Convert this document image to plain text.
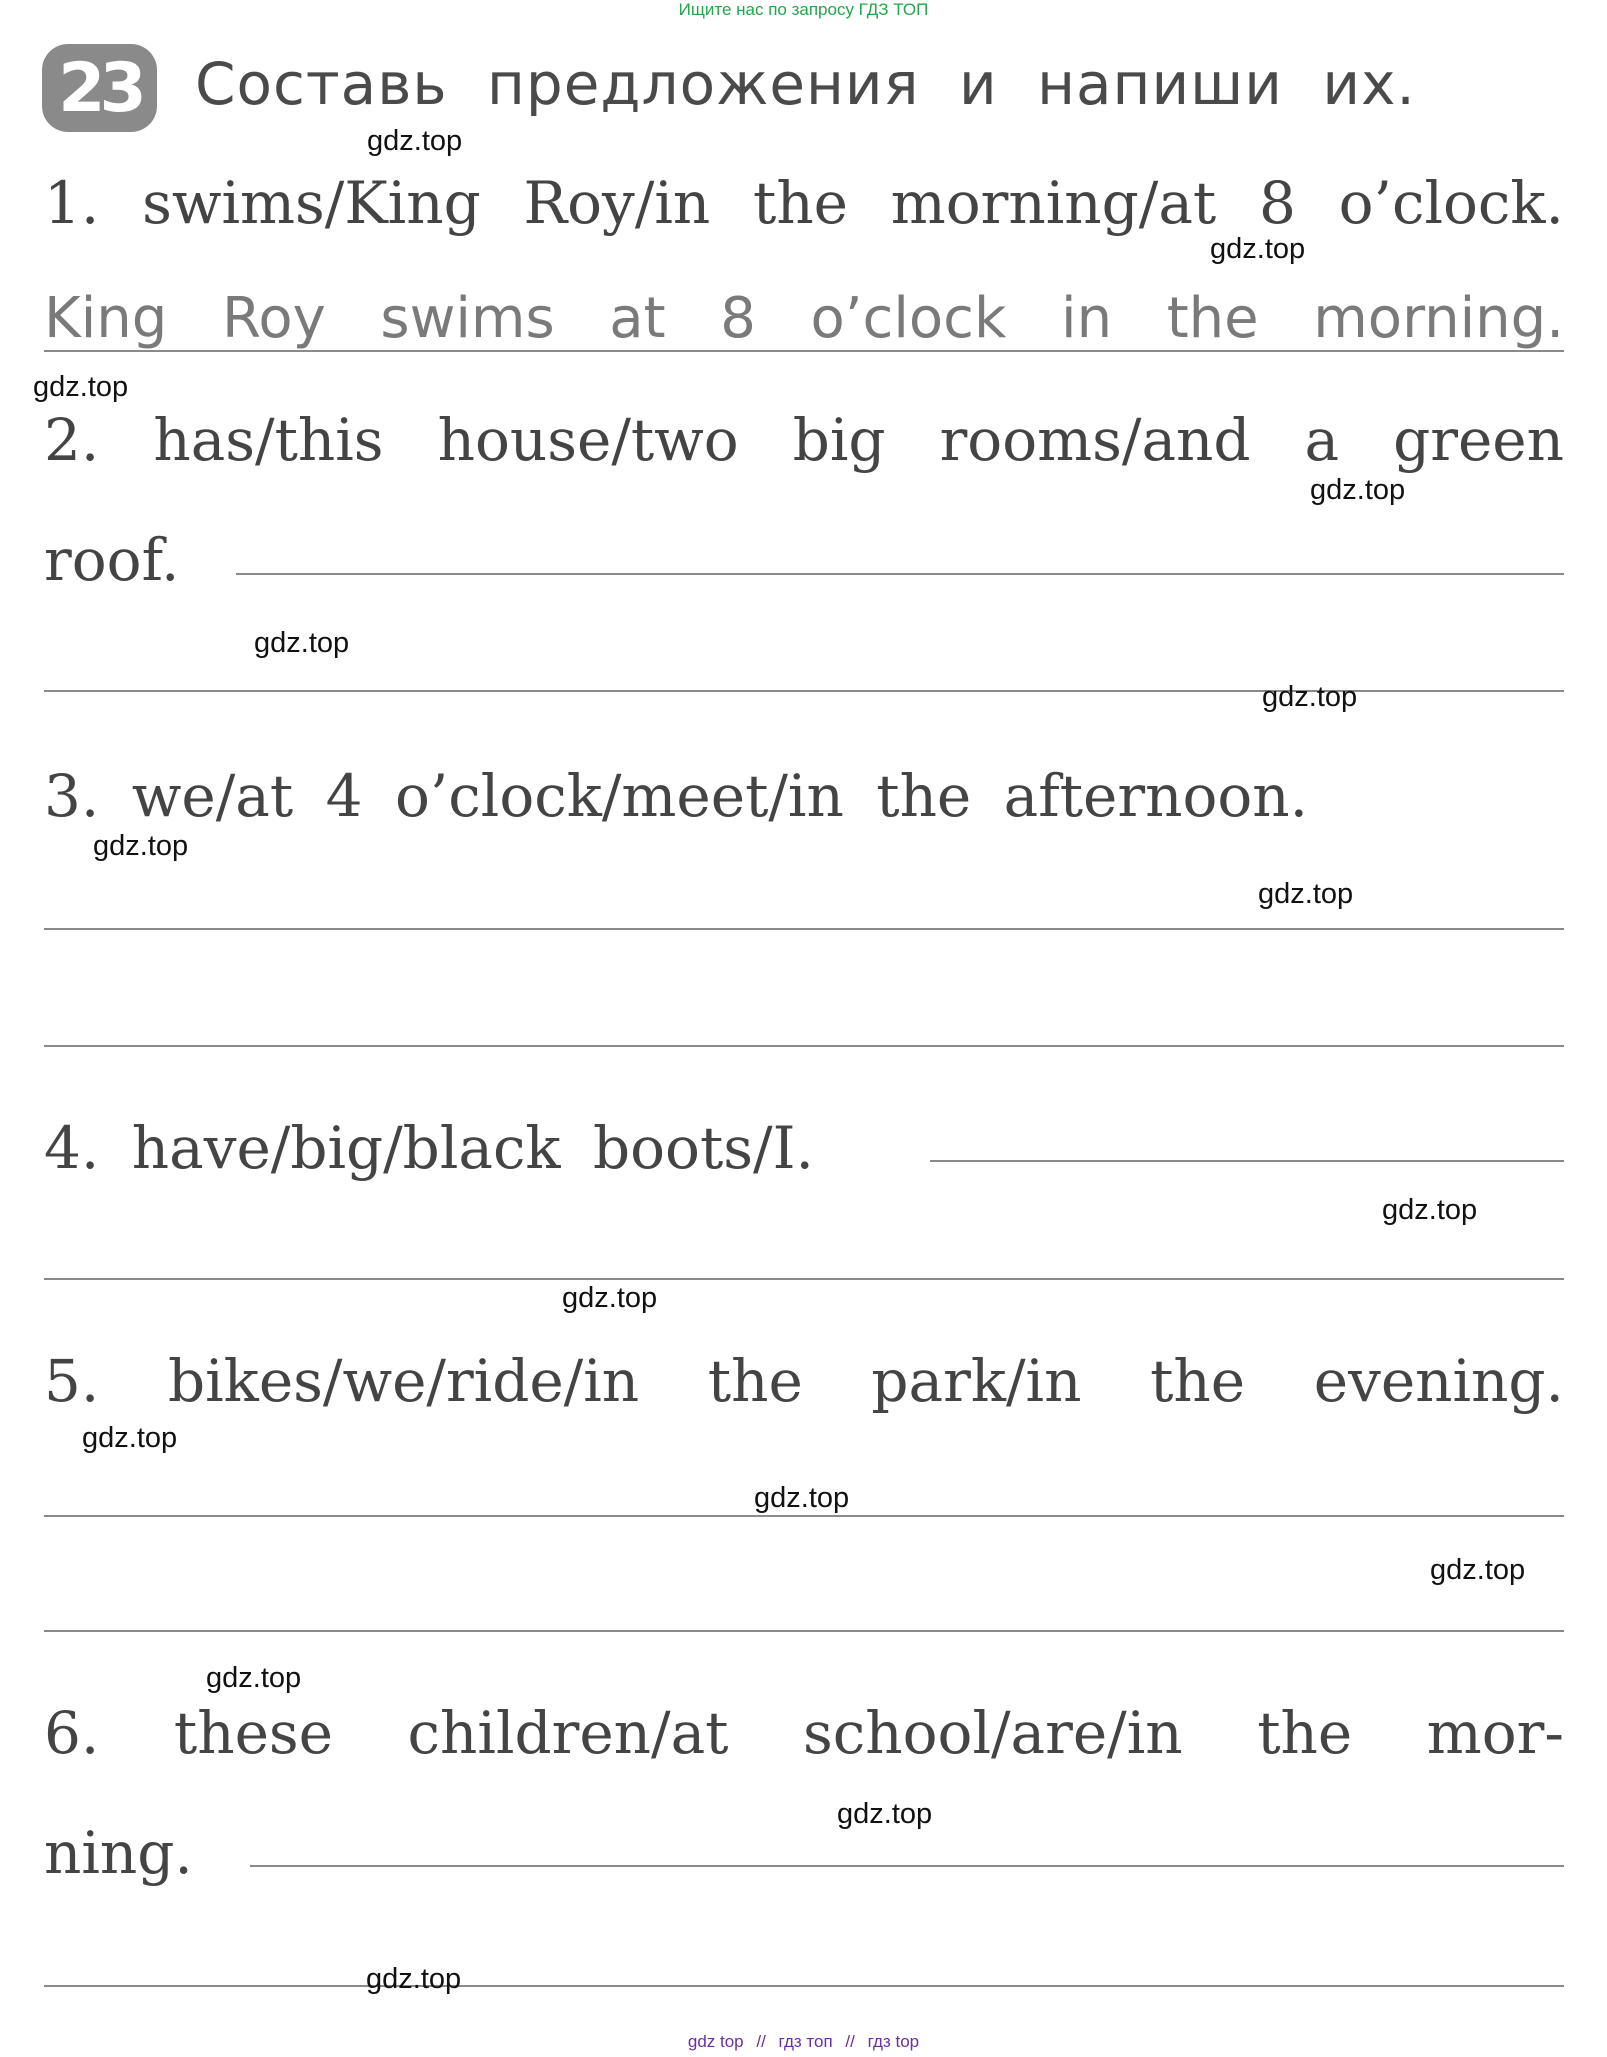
Ищите нас по запросу ГДЗ ТОП
23 Составь предложения и напиши их.
1. swims/King Roy/in the morning/at 8 o’clock.
King Roy swims at 8 o’clock in the morning.
2. has/this house/two big rooms/and a green
roof.
3. we/at 4 o’clock/meet/in the afternoon.
4. have/big/black boots/I.
5. bikes/we/ride/in the park/in the evening.
6. these children/at school/are/in the mor-
ning.
gdz.top
gdz.top
gdz.top
gdz.top
gdz.top
gdz.top
gdz.top
gdz.top
gdz.top
gdz.top
gdz.top
gdz.top
gdz.top
gdz.top
gdz.top
gdz.top
gdz top // гдз топ // гдз top
